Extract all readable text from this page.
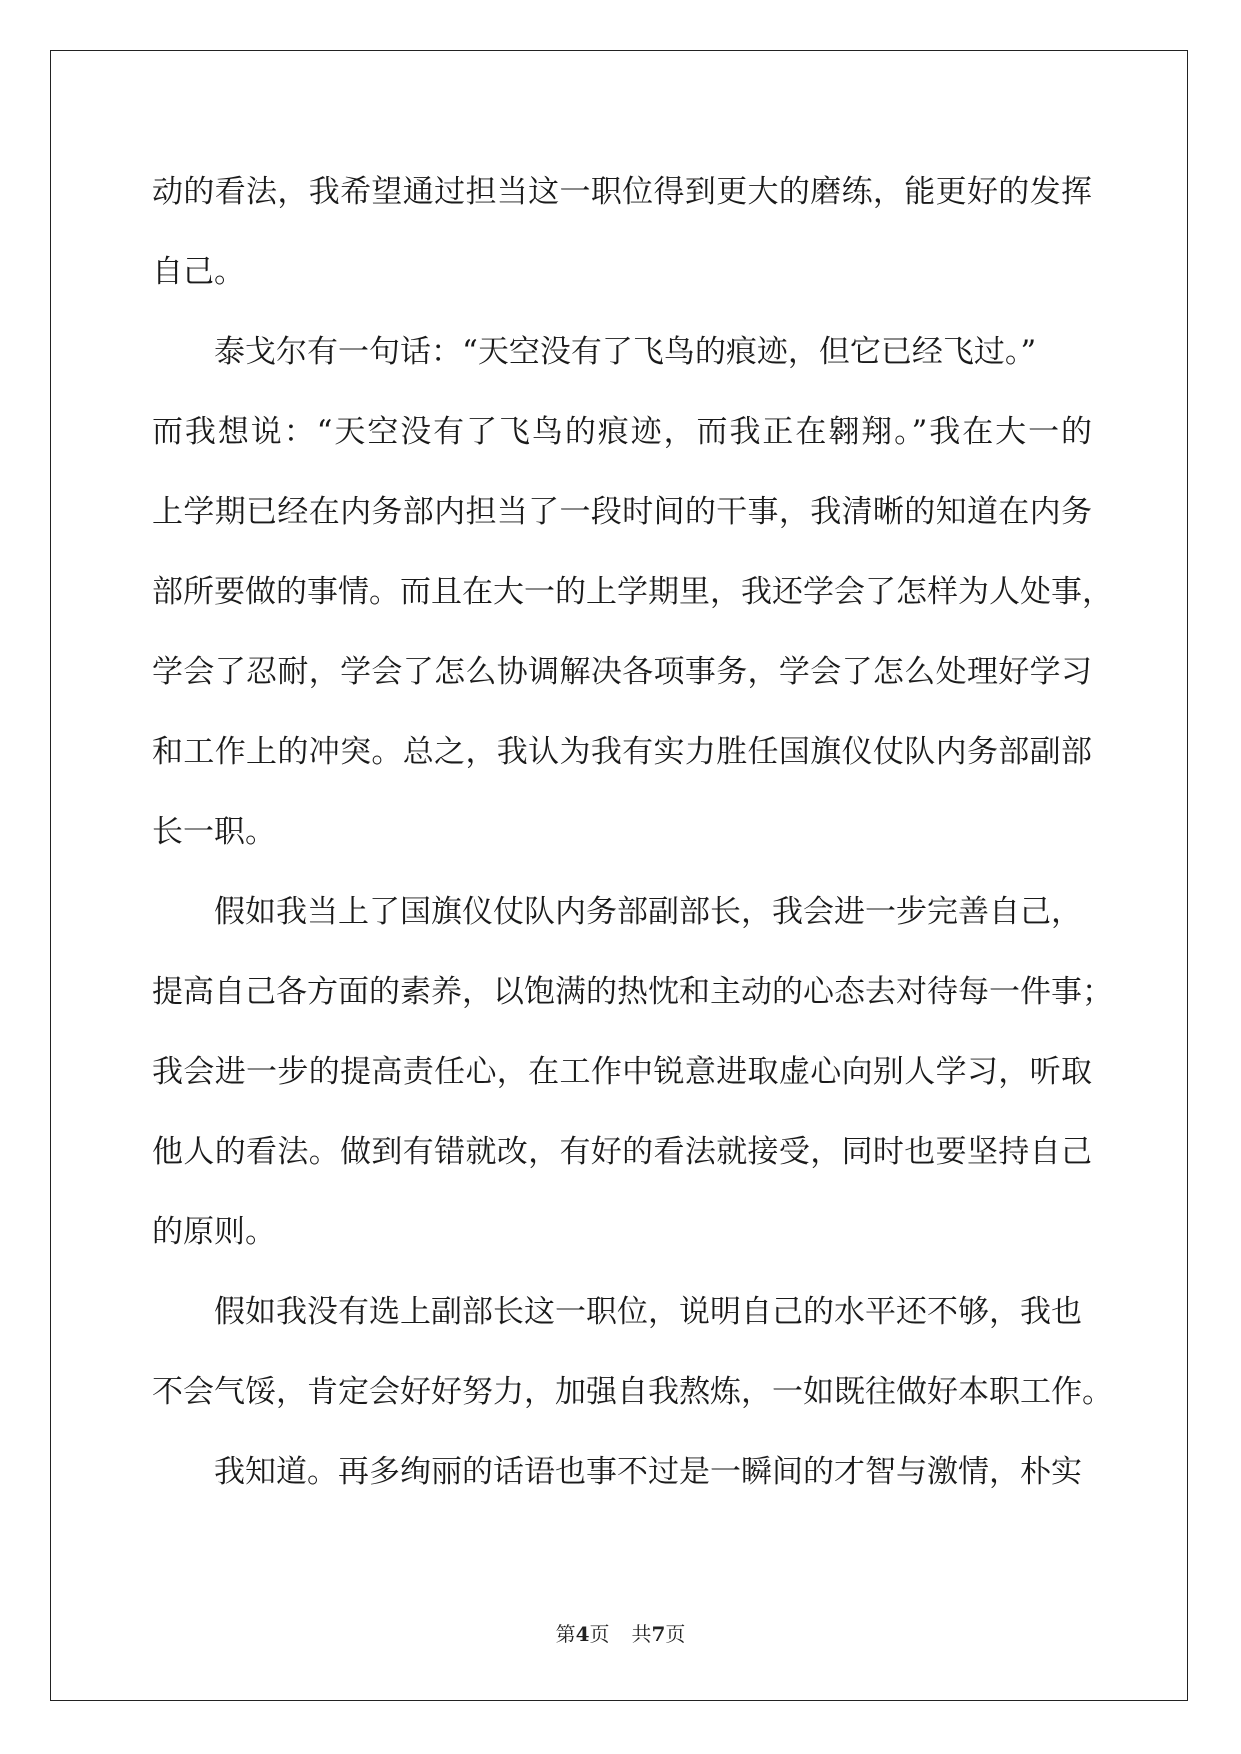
动的看法，我希望通过担当这一职位得到更大的磨练，能更好的发挥
自己。
泰戈尔有一句话：“天空没有了飞鸟的痕迹，但它已经飞过。”
而我想说：“天空没有了飞鸟的痕迹，而我正在翱翔。”我在大一的
上学期已经在内务部内担当了一段时间的干事，我清晰的知道在内务
部所要做的事情。而且在大一的上学期里，我还学会了怎样为人处事，
学会了忍耐，学会了怎么协调解决各项事务，学会了怎么处理好学习
和工作上的冲突。总之，我认为我有实力胜任国旗仪仗队内务部副部
长一职。
假如我当上了国旗仪仗队内务部副部长，我会进一步完善自己，
提高自己各方面的素养，以饱满的热忱和主动的心态去对待每一件事；
我会进一步的提高责任心，在工作中锐意进取虚心向别人学习，听取
他人的看法。做到有错就改，有好的看法就接受，同时也要坚持自己
的原则。
假如我没有选上副部长这一职位，说明自己的水平还不够，我也
不会气馁，肯定会好好努力，加强自我熬炼，一如既往做好本职工作。
我知道。再多绚丽的话语也事不过是一瞬间的才智与激情，朴实
第4页 共7页
